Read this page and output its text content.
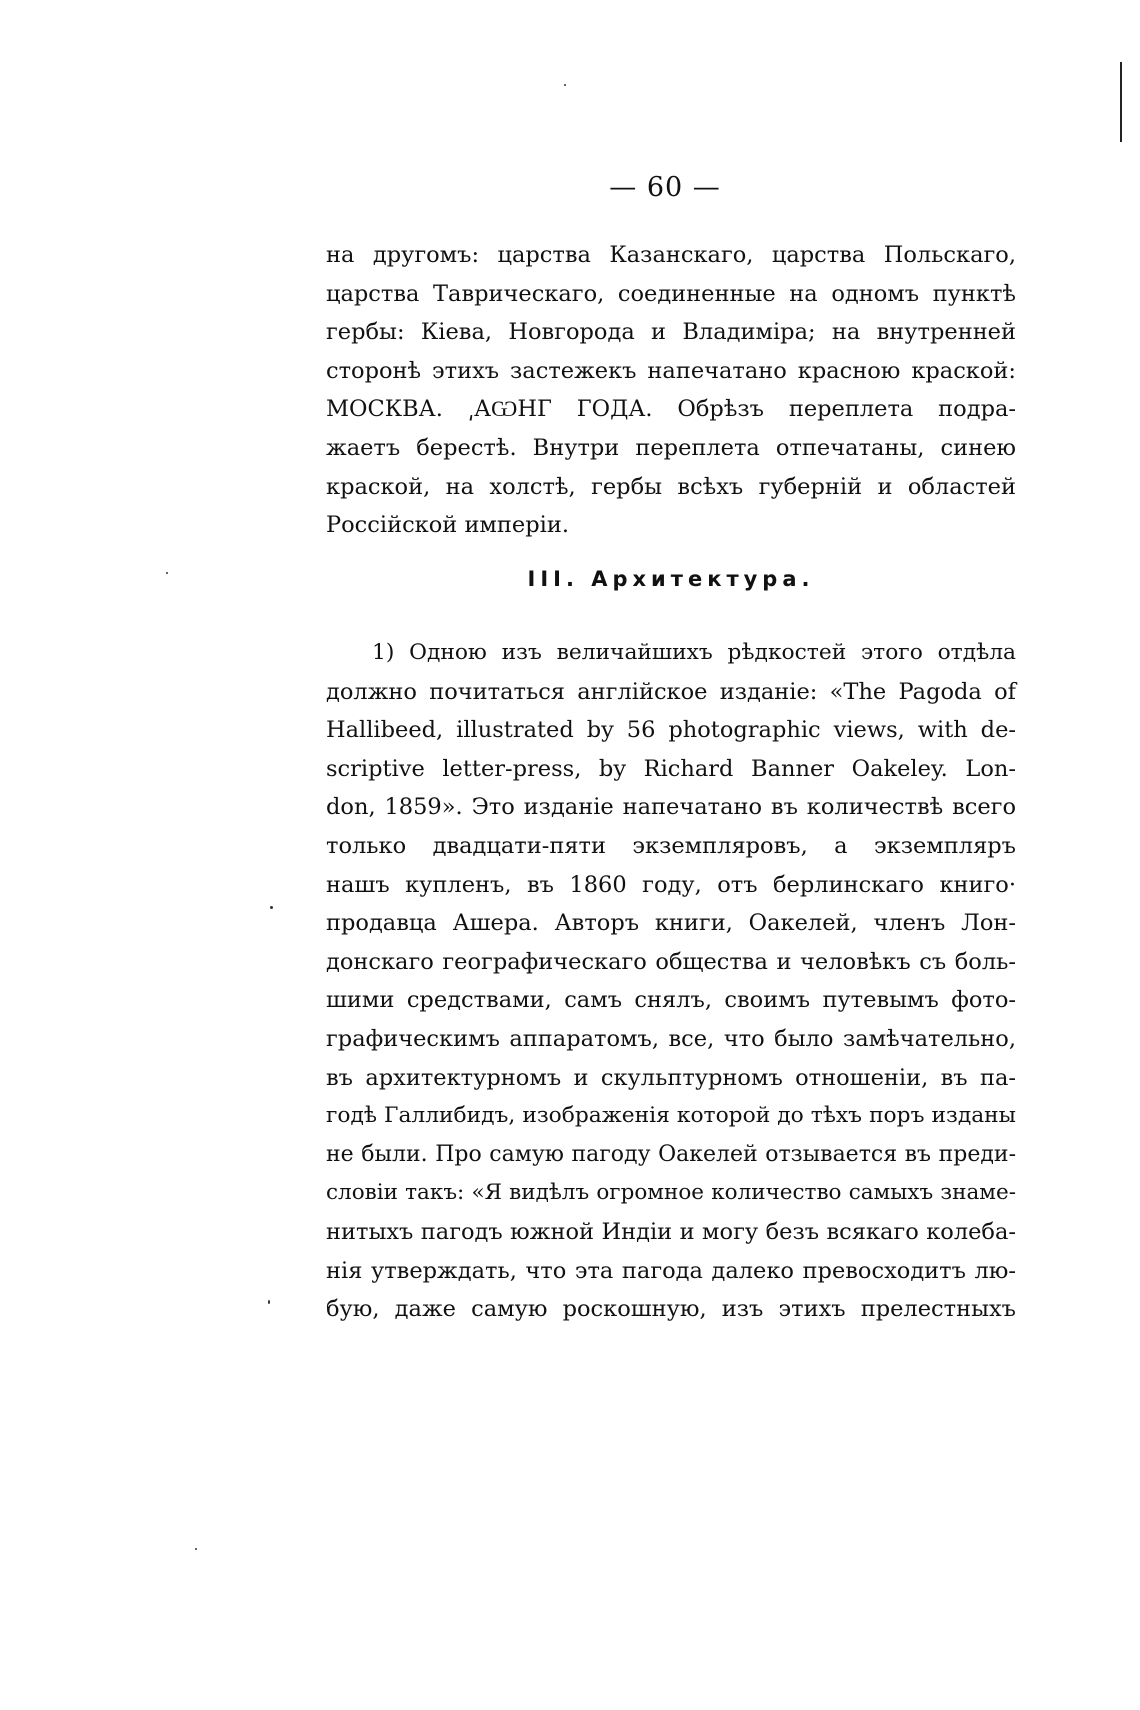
— 60 —
на другомъ: царства Казанскаго, царства Польскаго,
царства Таврическаго, соединенные на одномъ пунктѣ
гербы: Кіева, Новгорода и Владиміра; на внутренней
сторонѣ этихъ застежекъ напечатано красною краской:
МОСКВА. ͵АѠНГ ГОДА. Обрѣзъ переплета подра-
жаетъ берестѣ. Внутри переплета отпечатаны, синею
краской, на холстѣ, гербы всѣхъ губерній и областей
Россійской имперіи.
III. Архитектура.
1) Одною изъ величайшихъ рѣдкостей этого отдѣла
должно почитаться англійское изданіе: «The Pagoda of
Hallibeed, illustrated by 56 photographic views, with de-
scriptive letter-press, by Richard Banner Oakeley. Lon-
don, 1859». Это изданіе напечатано въ количествѣ всего
только двадцати-пяти экземпляровъ, а экземпляръ
нашъ купленъ, въ 1860 году, отъ берлинскаго книго·
продавца Ашера. Авторъ книги, Оакелей, членъ Лон-
донскаго географическаго общества и человѣкъ съ боль-
шими средствами, самъ снялъ, своимъ путевымъ фото-
графическимъ аппаратомъ, все, что было замѣчательно,
въ архитектурномъ и скульптурномъ отношеніи, въ па-
годѣ Галлибидъ, изображенія которой до тѣхъ поръ изданы
не были. Про самую пагоду Оакелей отзывается въ преди-
словіи такъ: «Я видѣлъ огромное количество самыхъ знаме-
нитыхъ пагодъ южной Индіи и могу безъ всякаго колеба-
нія утверждать, что эта пагода далеко превосходитъ лю-
бую, даже самую роскошную, изъ этихъ прелестныхъ
